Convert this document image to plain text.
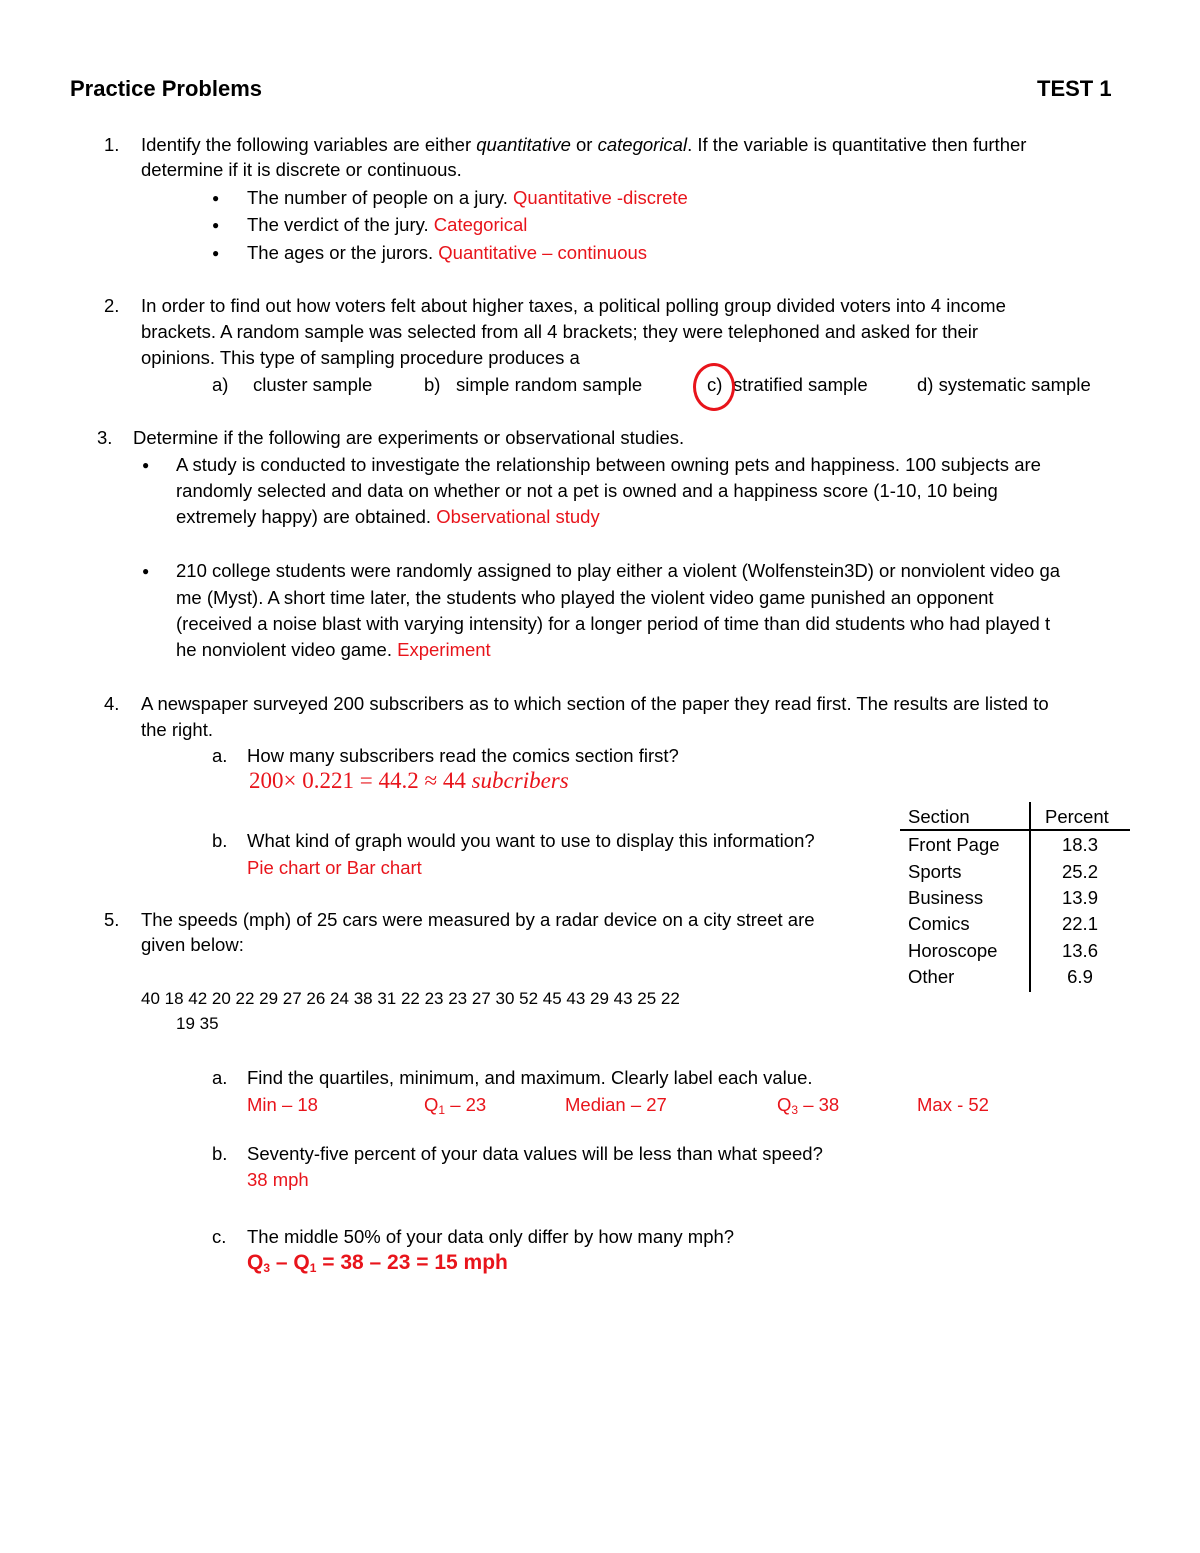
Practice Problems	TEST 1
1. Identify the following variables are either quantitative or categorical. If the variable is quantitative then further
determine if it is discrete or continuous.
● The number of people on a jury. Quantitative -discrete
● The verdict of the jury. Categorical
● The ages or the jurors. Quantitative – continuous
2. In order to find out how voters felt about higher taxes, a political polling group divided voters into 4 income
brackets. A random sample was selected from all 4 brackets; they were telephoned and asked for their
opinions. This type of sampling procedure produces a
a) cluster sample	b) simple random sample	c) stratified sample	d) systematic sample
3. Determine if the following are experiments or observational studies.
● A study is conducted to investigate the relationship between owning pets and happiness. 100 subjects are
randomly selected and data on whether or not a pet is owned and a happiness score (1-10, 10 being
extremely happy) are obtained. Observational study
● 210 college students were randomly assigned to play either a violent (Wolfenstein3D) or nonviolent video ga
me (Myst). A short time later, the students who played the violent video game punished an opponent
(received a noise blast with varying intensity) for a longer period of time than did students who had played t
he nonviolent video game. Experiment
4. A newspaper surveyed 200 subscribers as to which section of the paper they read first. The results are listed to
the right.
a. How many subscribers read the comics section first?
200× 0.221 = 44.2 ≈ 44 subcribers
b. What kind of graph would you want to use to display this information?
Pie chart or Bar chart
Section	Percent
Front Page	18.3
Sports	25.2
Business	13.9
Comics	22.1
Horoscope	13.6
Other	6.9
5. The speeds (mph) of 25 cars were measured by a radar device on a city street are
given below:
40 18 42 20 22 29 27 26 24 38 31 22 23 23 27 30 52 45 43 29 43 25 22
19 35
a. Find the quartiles, minimum, and maximum. Clearly label each value.
Min – 18	$Q_1 - 23$	Median – 27	$Q_3 - 38$	Max - 52
b. Seventy-five percent of your data values will be less than what speed?
38 mph
c. The middle 50% of your data only differ by how many mph?
$Q_3 - Q_1 = 38 - 23 = 15$ mph
